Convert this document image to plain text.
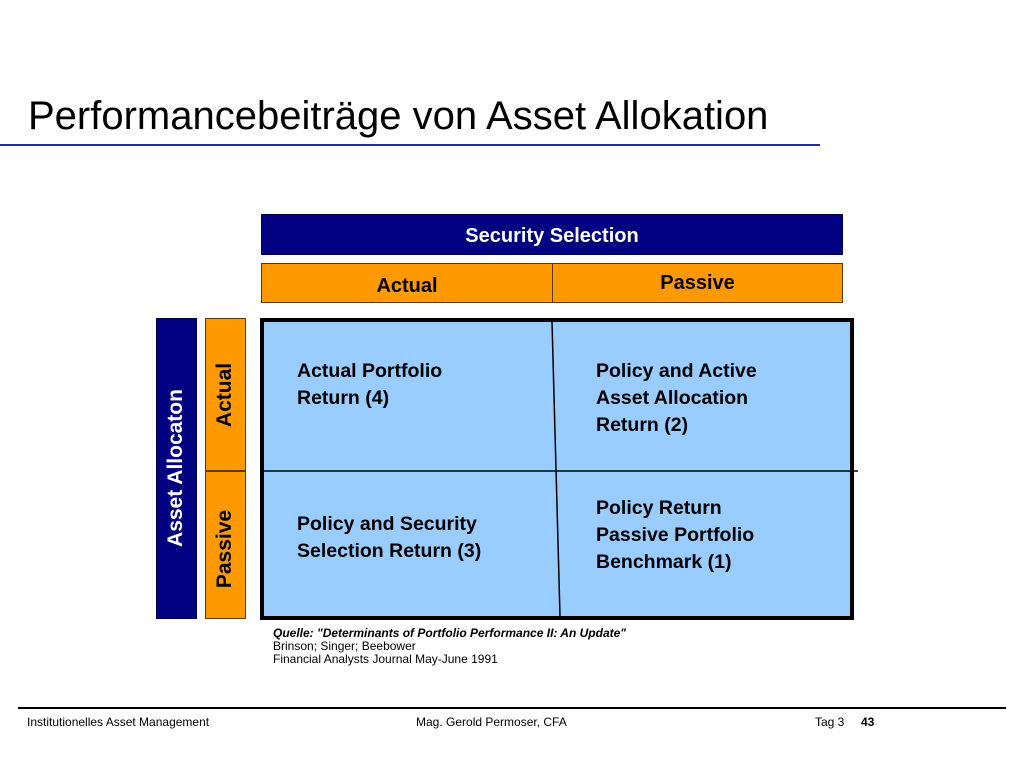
Performancebeiträge von Asset Allokation
Security Selection
Actual	Passive
Asset Allocaton Actual
Passive
Actual Portfolio
Return (4)
Policy and Active
Asset Allocation
Return (2)
Policy and Security
Selection Return (3)
Policy Return
Passive Portfolio
Benchmark (1)
Quelle: "Determinants of Portfolio Performance II: An Update"
Brinson; Singer; Beebower
Financial Analysts Journal May-June 1991
Institutionelles Asset Management	Mag. Gerold Permoser, CFA	Tag 3 43
